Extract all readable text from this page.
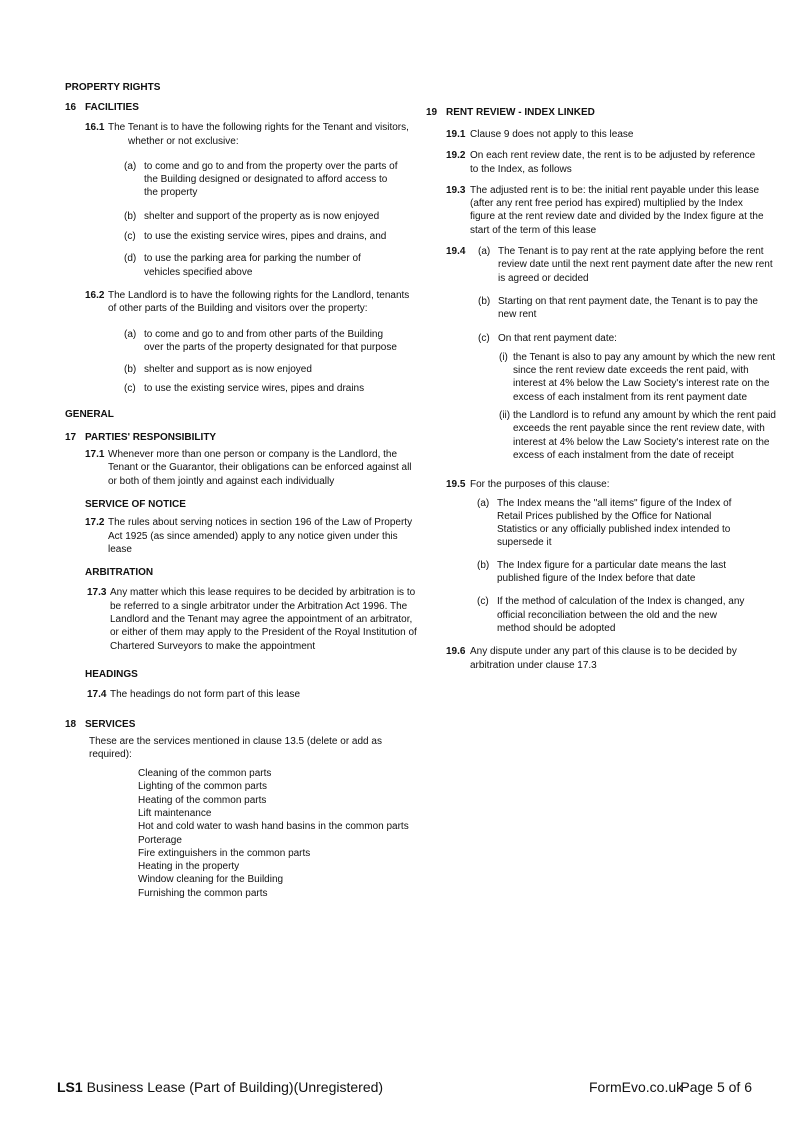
PROPERTY RIGHTS

16 FACILITIES
16.1 The Tenant is to have the following rights for the Tenant and visitors, whether or not exclusive:

(a) to come and go to and from the property over the parts of the Building designed or designated to afford access to the property

(b) shelter and support of the property as is now enjoyed

(c) to use the existing service wires, pipes and drains, and

(d) to use the parking area for parking the number of vehicles specified above

16.2 The Landlord is to have the following rights for the Landlord, tenants of other parts of the Building and visitors over the property:

(a) to come and go to and from other parts of the Building over the parts of the property designated for that purpose

(b) shelter and support as is now enjoyed

(c) to use the existing service wires, pipes and drains

GENERAL

17 PARTIES' RESPONSIBILITY
17.1 Whenever more than one person or company is the Landlord, the Tenant or the Guarantor, their obligations can be enforced against all or both of them jointly and against each individually

SERVICE OF NOTICE

17.2 The rules about serving notices in section 196 of the Law of Property Act 1925 (as since amended) apply to any notice given under this lease

ARBITRATION

17.3 Any matter which this lease requires to be decided by arbitration is to be referred to a single arbitrator under the Arbitration Act 1996. The Landlord and the Tenant may agree the appointment of an arbitrator, or either of them may apply to the President of the Royal Institution of Chartered Surveyors to make the appointment

HEADINGS

17.4 The headings do not form part of this lease

18 SERVICES

These are the services mentioned in clause 13.5 (delete or add as required):

Cleaning of the common parts
Lighting of the common parts
Heating of the common parts
Lift maintenance
Hot and cold water to wash hand basins in the common parts
Porterage
Fire extinguishers in the common parts
Heating in the property
Window cleaning for the Building
Furnishing the common parts
19 RENT REVIEW - INDEX LINKED
19.1 Clause 9 does not apply to this lease

19.2 On each rent review date, the rent is to be adjusted by reference to the Index, as follows

19.3 The adjusted rent is to be: the initial rent payable under this lease (after any rent free period has expired) multiplied by the Index figure at the rent review date and divided by the Index figure at the start of the term of this lease

19.4 (a) The Tenant is to pay rent at the rate applying before the rent review date until the next rent payment date after the new rent is agreed or decided

(b) Starting on that rent payment date, the Tenant is to pay the new rent

(c) On that rent payment date:

(i) the Tenant is also to pay any amount by which the new rent since the rent review date exceeds the rent paid, with interest at 4% below the Law Society's interest rate on the excess of each instalment from its rent payment date

(ii) the Landlord is to refund any amount by which the rent paid exceeds the rent payable since the rent review date, with interest at 4% below the Law Society's interest rate on the excess of each instalment from the date of receipt

19.5 For the purposes of this clause:

(a) The Index means the "all items" figure of the Index of Retail Prices published by the Office for National Statistics or any officially published index intended to supersede it

(b) The Index figure for a particular date means the last published figure of the Index before that date

(c) If the method of calculation of the Index is changed, any official reconciliation between the old and the new method should be adopted

19.6 Any dispute under any part of this clause is to be decided by arbitration under clause 17.3

LS1 Business Lease (Part of Building)(Unregistered)	FormEvo.co.uk
Page 5 of 6
